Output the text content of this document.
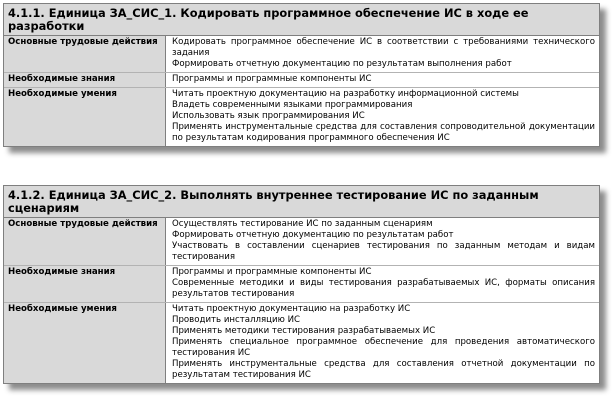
4.1.1. Единица ЗА_СИС_1. Кодировать программное обеспечение ИС в ходе ее разработки
Основные трудовые действия	Кодировать программное обеспечение ИС в соответствии с требованиями технического задания
Формировать отчетную документацию по результатам выполнения работ
Необходимые знания	Программы и программные компоненты ИС
Необходимые умения	Читать проектную документацию на разработку информационной системы
Владеть современными языками программирования
Использовать язык программирования ИС
Применять инструментальные средства для составления сопроводительной документации по результатам кодирования программного обеспечения ИС
4.1.2. Единица ЗА_СИС_2. Выполнять внутреннее тестирование ИС по заданным сценариям
Основные трудовые действия	Осуществлять тестирование ИС по заданным сценариям
Формировать отчетную документацию по результатам работ
Участвовать в составлении сценариев тестирования по заданным методам и видам тестирования
Необходимые знания	Программы и программные компоненты ИС
Современные методики и виды тестирования разрабатываемых ИС, форматы описания результатов тестирования
Необходимые умения	Читать проектную документацию на разработку ИС
Проводить инсталляцию ИС
Применять методики тестирования разрабатываемых ИС
Применять специальное программное обеспечение для проведения автоматического тестирования ИС
Применять инструментальные средства для составления отчетной документации по результатам тестирования ИС
